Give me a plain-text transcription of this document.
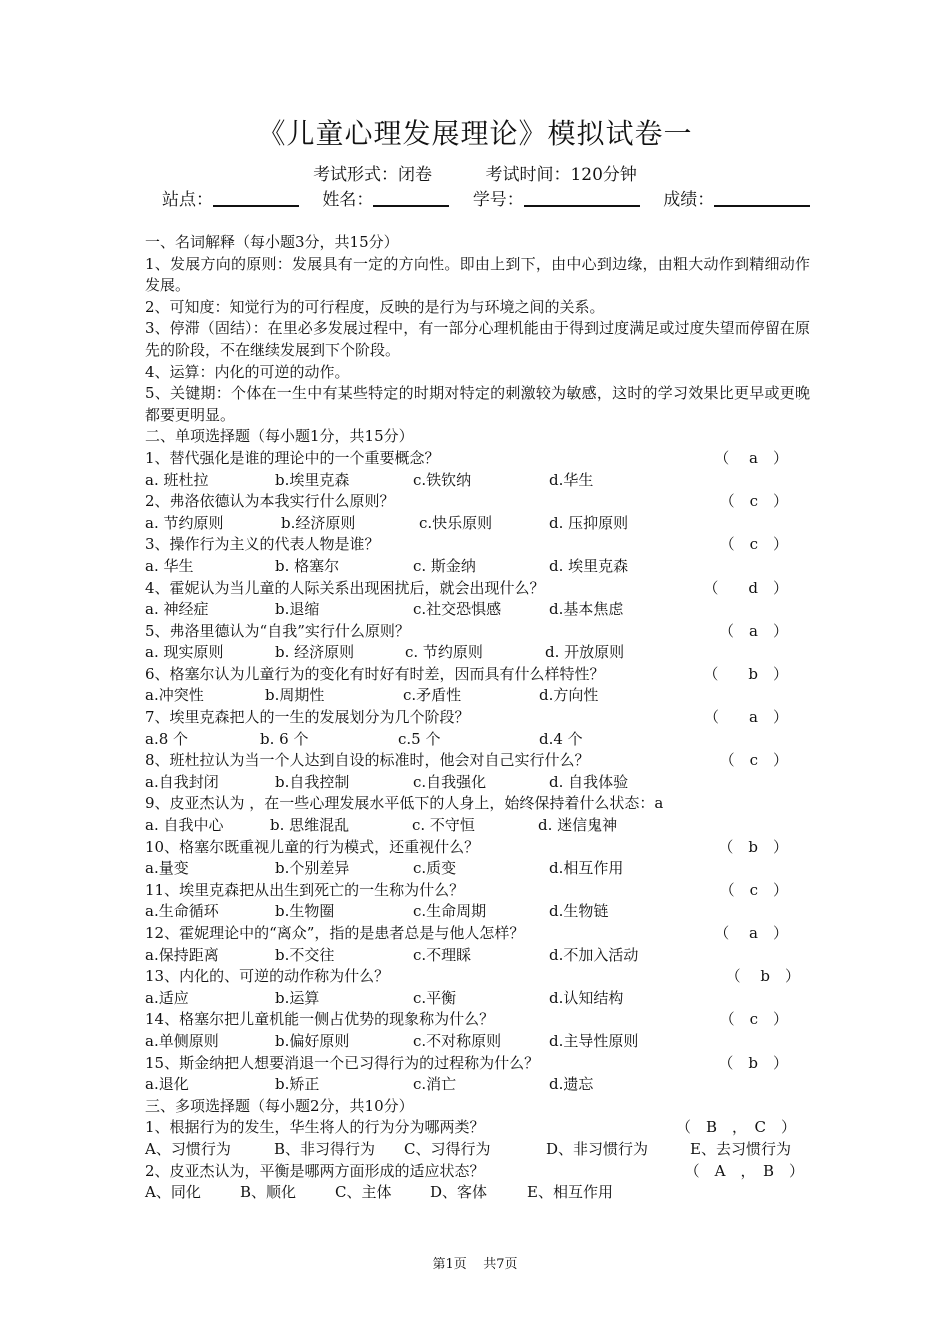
《儿童心理发展理论》模拟试卷一
考试形式：闭卷	考试时间：120分钟
站点：	姓名：	学号：	成绩：
一、名词解释（每小题3分，共15分）
1、发展方向的原则：发展具有一定的方向性。即由上到下，由中心到边缘，由粗大动作到精细动作发展。
2、可知度：知觉行为的可行程度，反映的是行为与环境之间的关系。
3、停滞（固结）：在里必多发展过程中，有一部分心理机能由于得到过度满足或过度失望而停留在原先的阶段，不在继续发展到下个阶段。
4、运算：内化的可逆的动作。
5、关键期：个体在一生中有某些特定的时期对特定的刺激较为敏感，这时的学习效果比更早或更晚都要更明显。
二、单项选择题（每小题1分，共15分）
1、替代强化是谁的理论中的一个重要概念？	（　 a　）
a. 班杜拉	b.埃里克森	c.铁钦纳	d.华生
2、弗洛依德认为本我实行什么原则？	（　c　）
a. 节约原则	b.经济原则	c.快乐原则	d. 压抑原则
3、操作行为主义的代表人物是谁？	（　c　）
a. 华生	b. 格塞尔	c. 斯金纳	d. 埃里克森
4、霍妮认为当儿童的人际关系出现困扰后，就会出现什么？	（　　d　）
a. 神经症	b.退缩	c.社交恐惧感	d.基本焦虑
5、弗洛里德认为“自我”实行什么原则？	（　a　）
a. 现实原则	b. 经济原则	c. 节约原则	d. 开放原则
6、格塞尔认为儿童行为的变化有时好有时差，因而具有什么样特性？	（　　b　）
a.冲突性	b.周期性	c.矛盾性	d.方向性
7、埃里克森把人的一生的发展划分为几个阶段？	（　　a　）
a.8 个	b. 6 个	c.5 个	d.4 个
8、班杜拉认为当一个人达到自设的标准时，他会对自己实行什么？	（　c　）
a.自我封闭	b.自我控制	c.自我强化	d. 自我体验
9、皮亚杰认为 ，在一些心理发展水平低下的人身上，始终保持着什么状态：a
a. 自我中心	b. 思维混乱	c. 不守恒	d. 迷信鬼神
10、格塞尔既重视儿童的行为模式，还重视什么？	（　b　）
a.量变	b.个别差异	c.质变	d.相互作用
11、埃里克森把从出生到死亡的一生称为什么？	（　c　）
a.生命循环	b.生物圈	c.生命周期	d.生物链
12、霍妮理论中的“离众”，指的是患者总是与他人怎样？	（　 a　）
a.保持距离	b.不交往	c.不理睬	d.不加入活动
13、内化的、可逆的动作称为什么？	（　 b　）
a.适应	b.运算	c.平衡	d.认知结构
14、格塞尔把儿童机能一侧占优势的现象称为什么？	（　c　）
a.单侧原则	b.偏好原则	c.不对称原则	d.主导性原则
15、斯金纳把人想要消退一个已习得行为的过程称为什么？	（　b　）
a.退化	b.矫正	c.消亡	d.遗忘
三、多项选择题（每小题2分，共10分）
1、根据行为的发生，华生将人的行为分为哪两类？	（　B　，　C　）
A、习惯行为	B、非习得行为 C、习得行为	D、非习惯行为	E、去习惯行为
2、皮亚杰认为，平衡是哪两方面形成的适应状态？	（　A　，　B　）
A、同化	B、顺化	C、主体	D、客体	E、相互作用
第1页 共7页
